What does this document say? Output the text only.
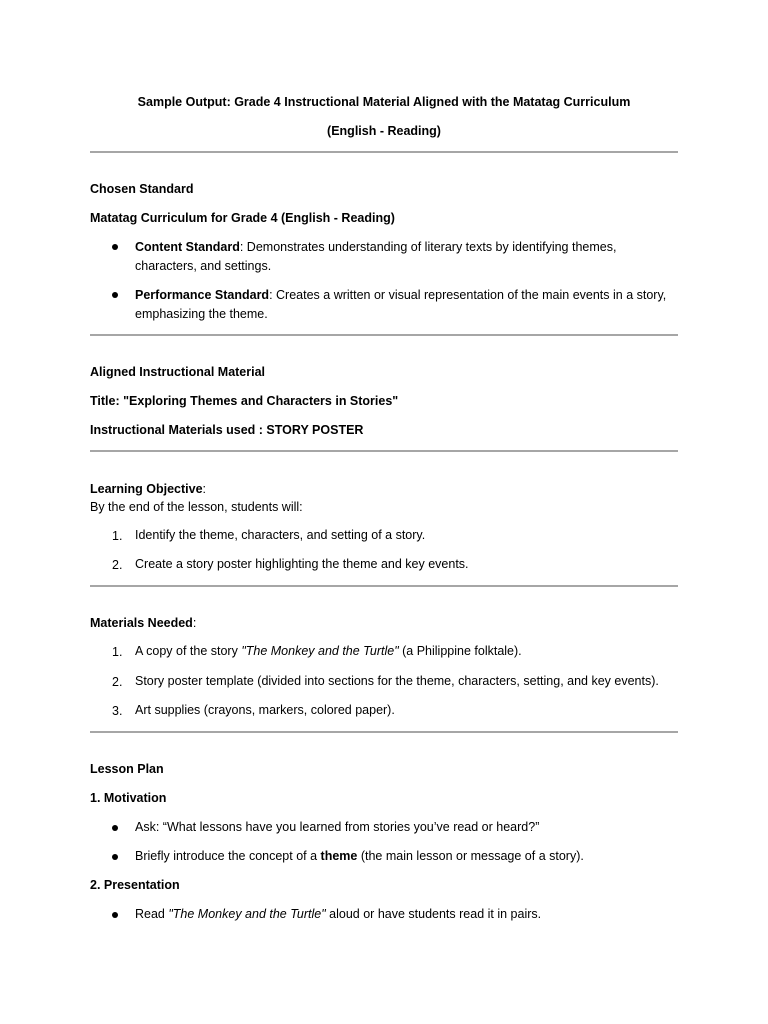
Sample Output: Grade 4 Instructional Material Aligned with the Matatag Curriculum
(English - Reading)
Chosen Standard
Matatag Curriculum for Grade 4 (English - Reading)
Content Standard: Demonstrates understanding of literary texts by identifying themes,
characters, and settings.
Performance Standard: Creates a written or visual representation of the main events in a story,
emphasizing the theme.
Aligned Instructional Material
Title: "Exploring Themes and Characters in Stories"
Instructional Materials used : STORY POSTER
Learning Objective:
By the end of the lesson, students will:
1. Identify the theme, characters, and setting of a story.
2. Create a story poster highlighting the theme and key events.
Materials Needed:
1. A copy of the story "The Monkey and the Turtle" (a Philippine folktale).
2. Story poster template (divided into sections for the theme, characters, setting, and key events).
3. Art supplies (crayons, markers, colored paper).
Lesson Plan
1. Motivation
Ask: “What lessons have you learned from stories you’ve read or heard?”
Briefly introduce the concept of a theme (the main lesson or message of a story).
2. Presentation
Read "The Monkey and the Turtle" aloud or have students read it in pairs.
